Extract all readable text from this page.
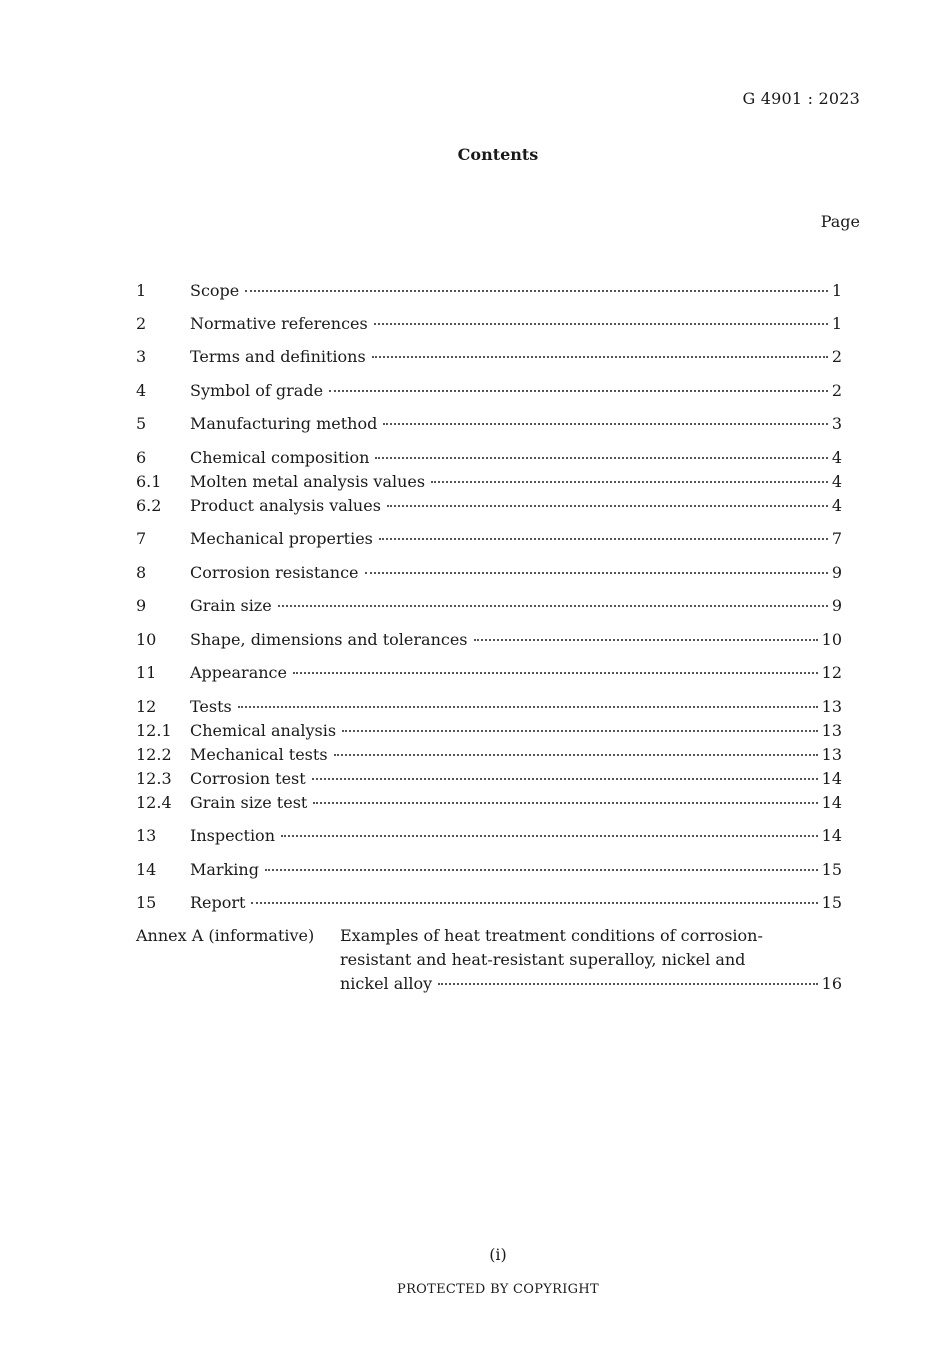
G 4901 : 2023
Contents
Page
1	Scope	1
2	Normative references	1
3	Terms and definitions	2
4	Symbol of grade	2
5	Manufacturing method	3
6	Chemical composition	4
6.1 Molten metal analysis values	4
6.2 Product analysis values	4
7	Mechanical properties	7
8	Corrosion resistance	9
9	Grain size	9
10 Shape, dimensions and tolerances	10
11 Appearance	12
12 Tests	13
12.1 Chemical analysis	13
12.2 Mechanical tests	13
12.3 Corrosion test	14
12.4 Grain size test	14
13 Inspection	14
14 Marking	15
15 Report	15
Annex A (informative) Examples of heat treatment conditions of corrosion-
resistant and heat-resistant superalloy, nickel and
nickel alloy	16
(i)
PROTECTED BY COPYRIGHT
